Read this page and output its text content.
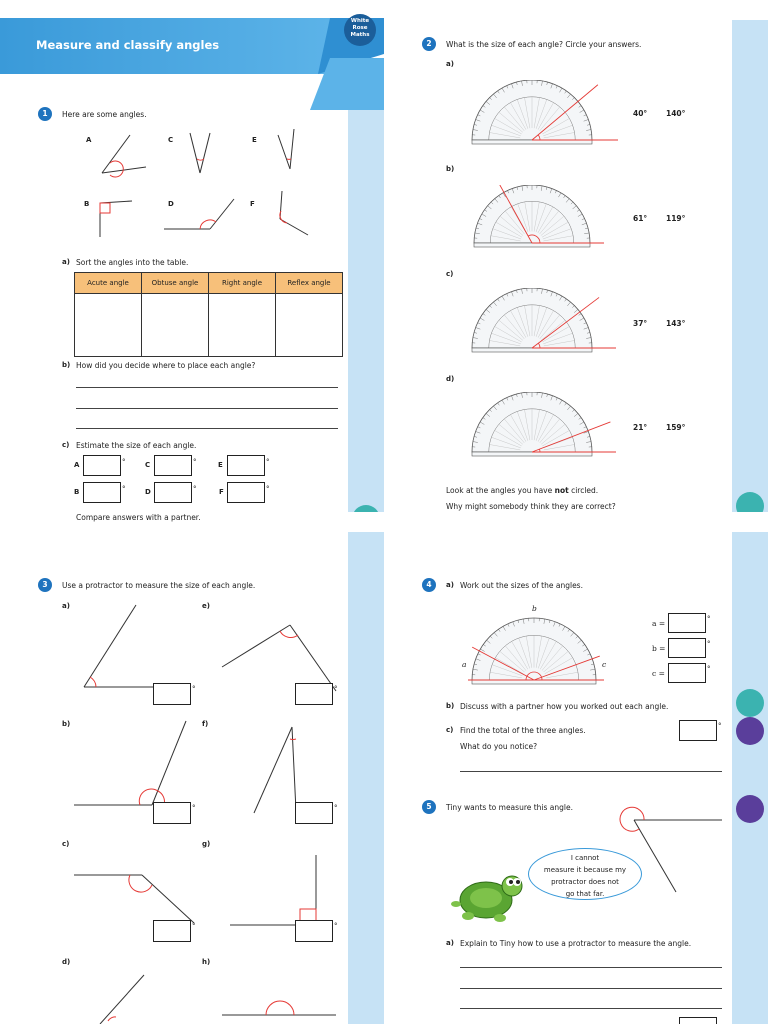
Measure and classify angles
White
Rose
Maths
1	Here are some angles.
A	C	E
B	D	F
a) Sort the angles into the table.
Acute angle	Obtuse angle	Right angle	Reflex angle

b) How did you decide where to place each angle?
c) Estimate the size of each angle.
A	°	C	°	E	°
B	°	D	°	F	°
Compare answers with a partner.
2	What is the size of each angle? Circle your answers.
a)
b)
c)
d)
40°	140°
61°	119°
37°	143°
21°	159°
Look at the angles you have not circled.
Why might somebody think they are correct?
3	Use a protractor to measure the size of each angle.
a)	e)
b)	f)
c)	g)
d)	h)
°	°
°	°
°	°
4	a) Work out the sizes of the angles.
b
a	c
a =	°
b =	°
c =	°
b) Discuss with a partner how you worked out each angle.
c) Find the total of the three angles.
What do you notice?
°
5	Tiny wants to measure this angle.
I cannot
measure it because my
protractor does not
go that far.
a) Explain to Tiny how to use a protractor to measure the angle.
